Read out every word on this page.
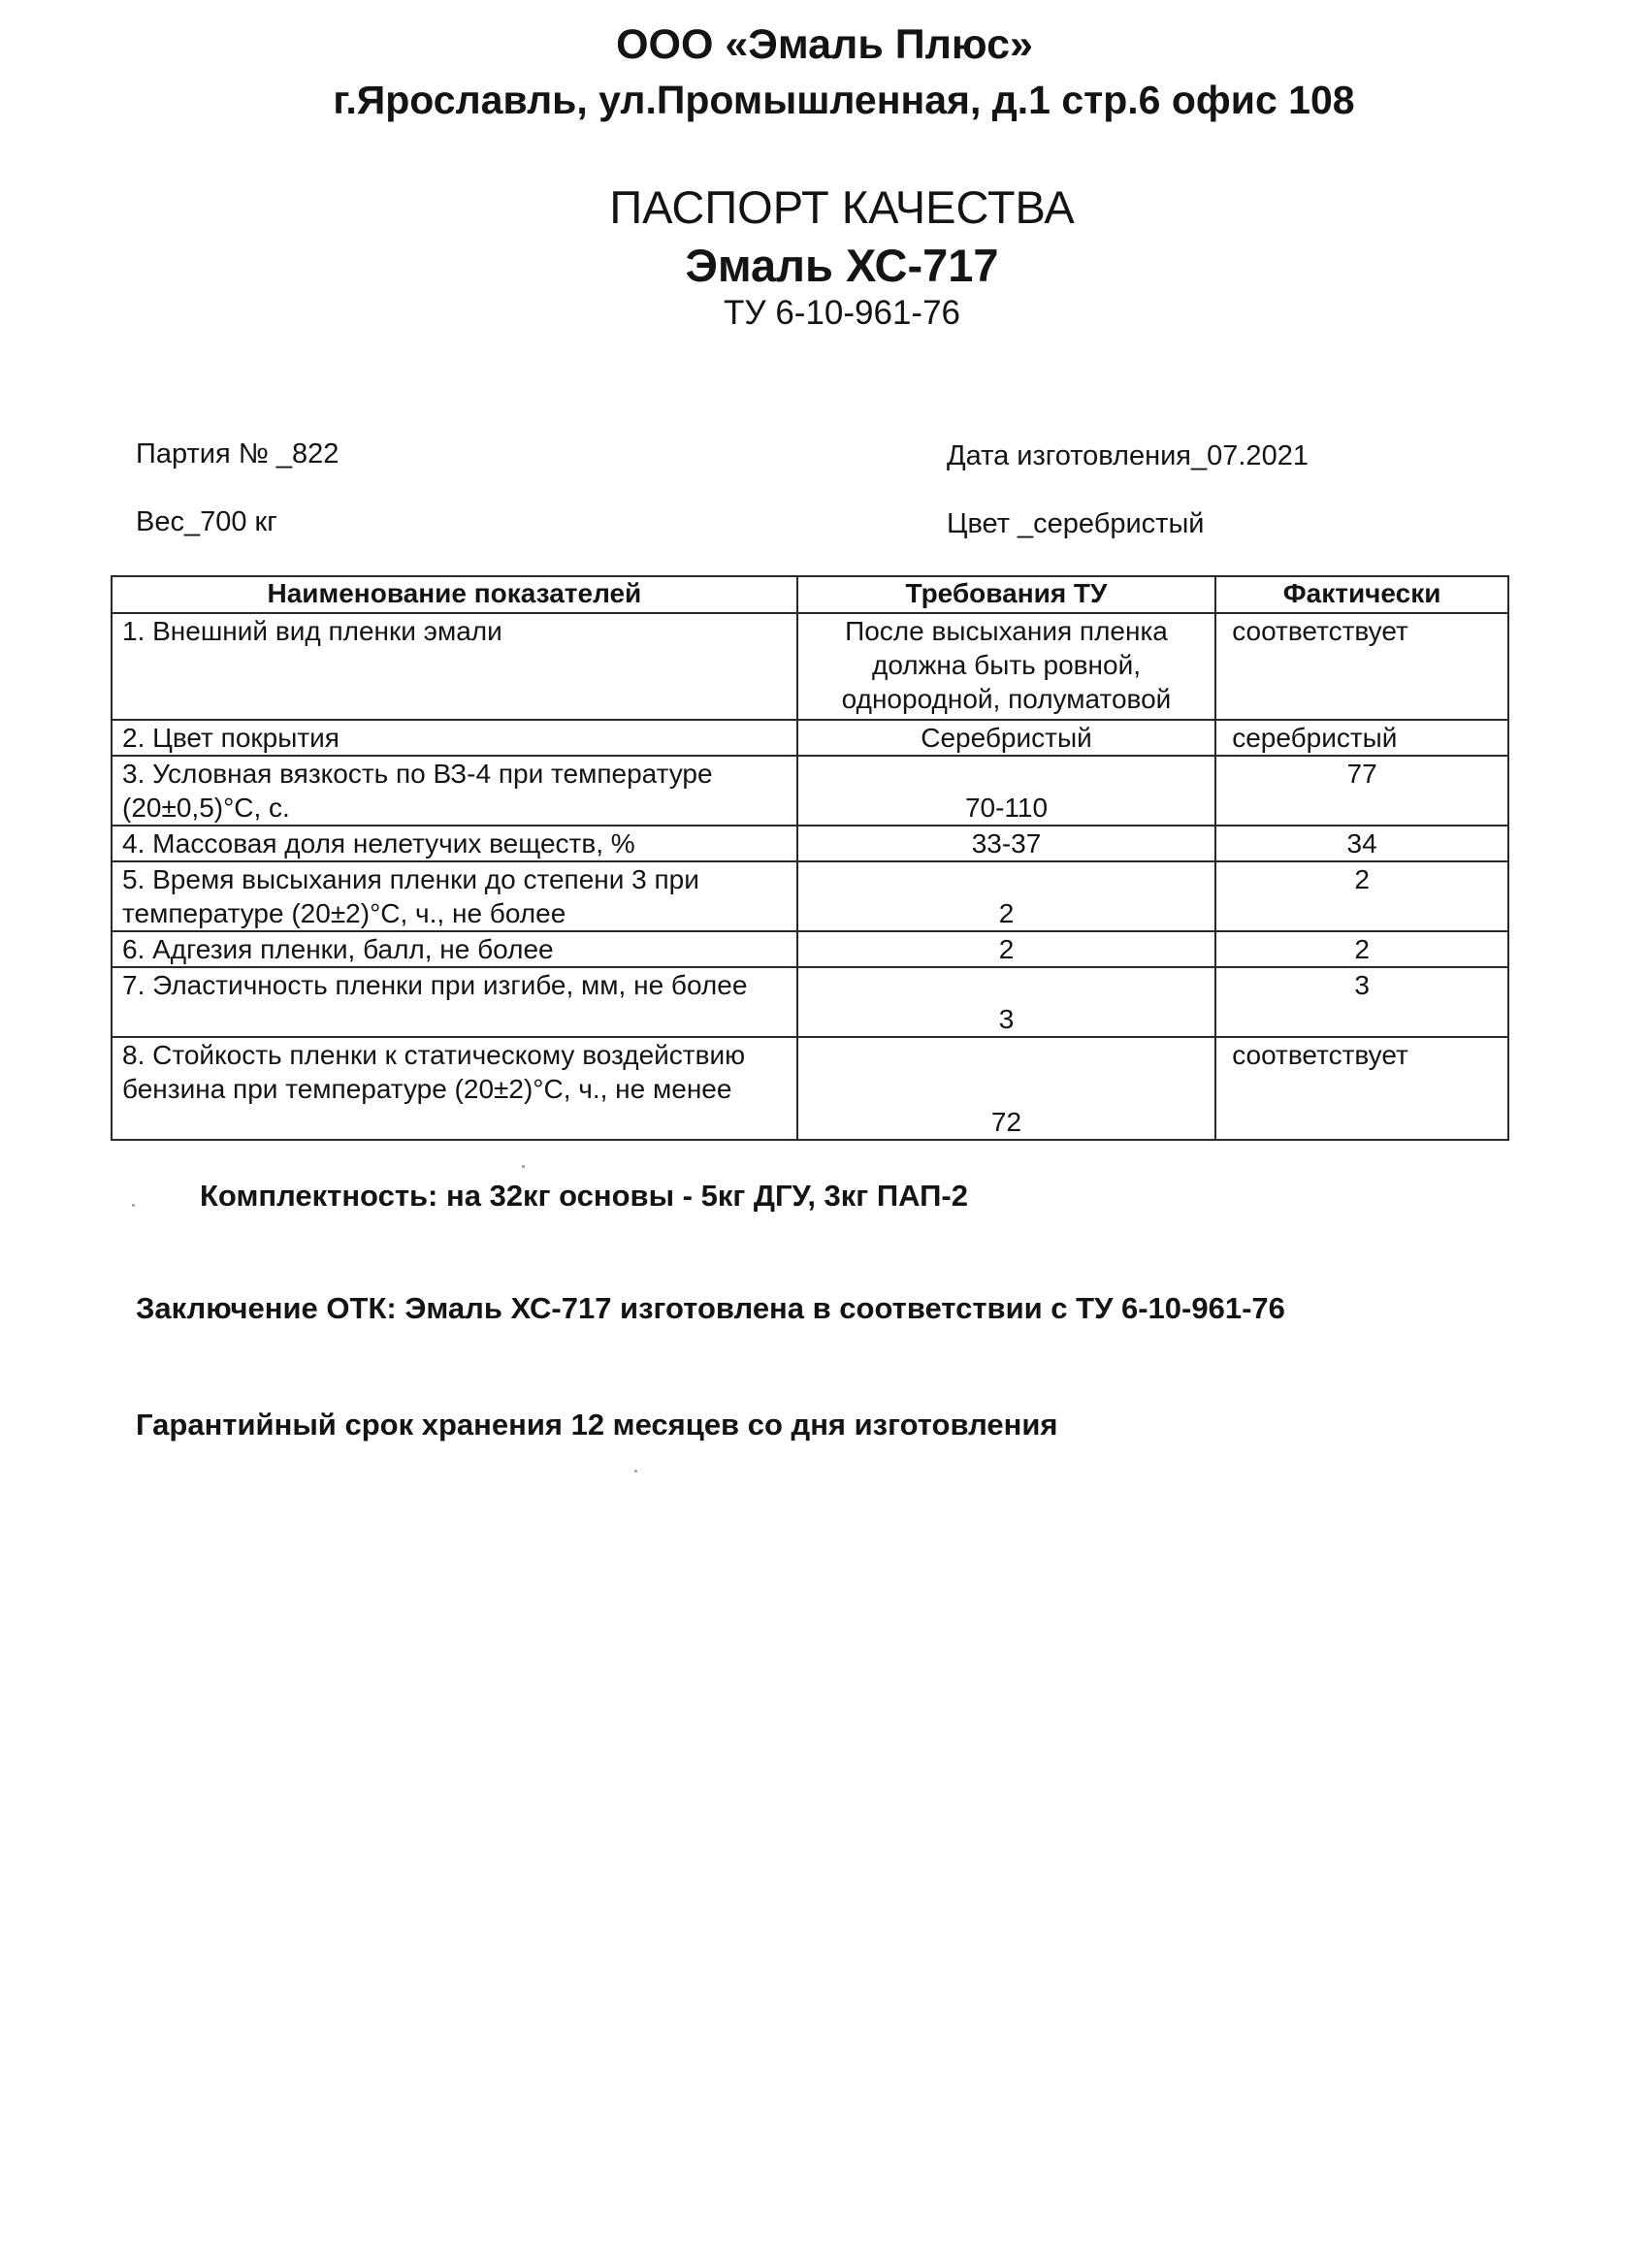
ООО «Эмаль Плюс»
г.Ярославль, ул.Промышленная, д.1 стр.6 офис 108
ПАСПОРТ КАЧЕСТВА
Эмаль ХС-717
ТУ 6-10-961-76
Партия № _822
Вес_700 кг
Дата изготовления_07.2021
Цвет _серебристый
Наименование показателей	Требования ТУ	Фактически
1. Внешний вид пленки эмали	После высыхания пленка должна быть ровной, однородной, полуматовой	соответствует
2. Цвет покрытия	Серебристый	серебристый
3. Условная вязкость по ВЗ-4 при температуре (20±0,5)°С, с.	70-110	77
4. Массовая доля нелетучих веществ, %	33-37	34
5. Время высыхания пленки до степени 3 при температуре (20±2)°С, ч., не более	2	2
6. Адгезия пленки, балл, не более	2	2
7. Эластичность пленки при изгибе, мм, не более	3	3
8. Стойкость пленки к статическому воздействию бензина при температуре (20±2)°С, ч., не менее	72	соответствует
Комплектность: на 32кг основы - 5кг ДГУ, 3кг ПАП-2
Заключение ОТК: Эмаль ХС-717 изготовлена в соответствии с ТУ 6-10-961-76
Гарантийный срок хранения 12 месяцев со дня изготовления
